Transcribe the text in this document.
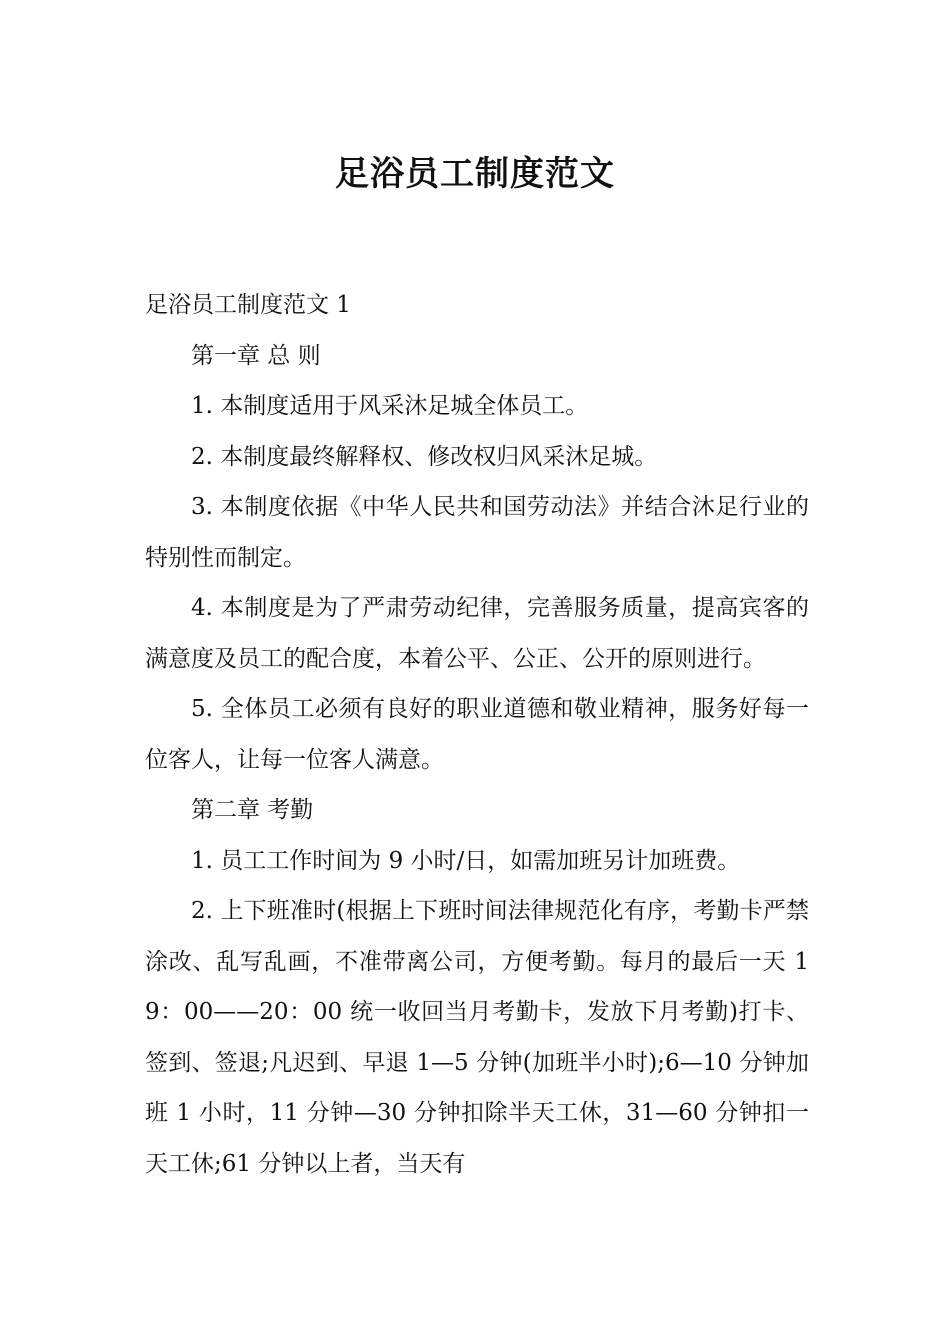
足浴员工制度范文

足浴员工制度范文 1

第一章 总 则

1. 本制度适用于风采沐足城全体员工。

2. 本制度最终解释权、修改权归风采沐足城。

3. 本制度依据《中华人民共和国劳动法》并结合沐足行业的特别性而制定。

4. 本制度是为了严肃劳动纪律，完善服务质量，提高宾客的满意度及员工的配合度，本着公平、公正、公开的原则进行。

5. 全体员工必须有良好的职业道德和敬业精神，服务好每一位客人，让每一位客人满意。

第二章 考勤

1. 员工工作时间为 9 小时/日，如需加班另计加班费。

2. 上下班准时(根据上下班时间法律规范化有序，考勤卡严禁涂改、乱写乱画，不准带离公司，方便考勤。每月的最后一天 19：00——20：00 统一收回当月考勤卡，发放下月考勤)打卡、签到、签退;凡迟到、早退 1—5 分钟(加班半小时);6—10 分钟加班 1 小时，11 分钟—30 分钟扣除半天工休，31—60 分钟扣一天工休;61 分钟以上者，当天有
